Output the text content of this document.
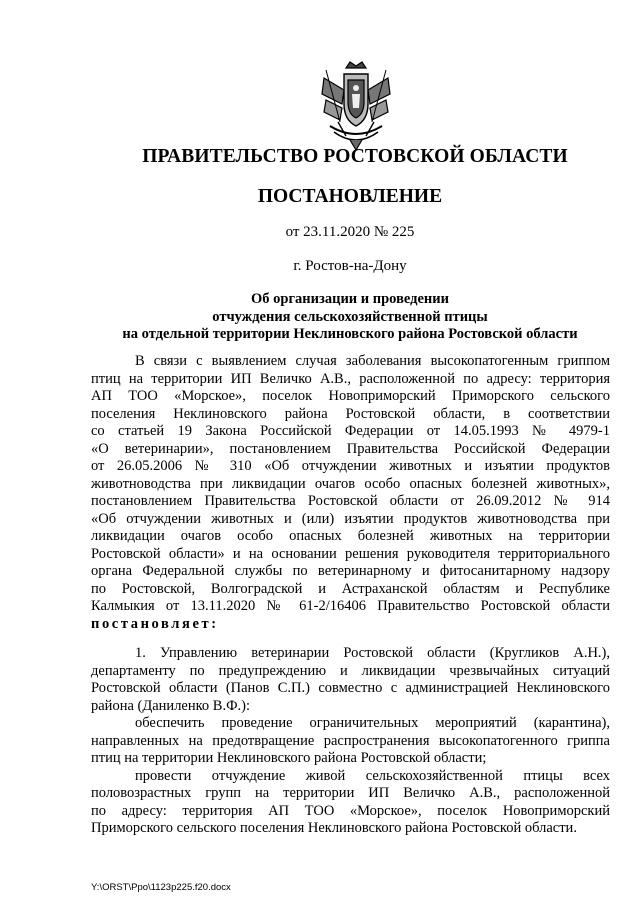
ПРАВИТЕЛЬСТВО РОСТОВСКОЙ ОБЛАСТИ
ПОСТАНОВЛЕНИЕ
от 23.11.2020 № 225
г. Ростов-на-Дону
Об организации и проведении
отчуждения сельскохозяйственной птицы
на отдельной территории Неклиновского района Ростовской области
В связи с выявлением случая заболевания высокопатогенным гриппом
птиц на территории ИП Величко А.В., расположенной по адресу: территория
АП ТОО «Морское», поселок Новоприморский Приморского сельского
поселения Неклиновского района Ростовской области, в соответствии
со статьей 19 Закона Российской Федерации от 14.05.1993 № 4979-1
«О ветеринарии», постановлением Правительства Российской Федерации
от 26.05.2006 № 310 «Об отчуждении животных и изъятии продуктов
животноводства при ликвидации очагов особо опасных болезней животных»,
постановлением Правительства Ростовской области от 26.09.2012 № 914
«Об отчуждении животных и (или) изъятии продуктов животноводства при
ликвидации очагов особо опасных болезней животных на территории
Ростовской области» и на основании решения руководителя территориального
органа Федеральной службы по ветеринарному и фитосанитарному надзору
по Ростовской, Волгоградской и Астраханской областям и Республике
Калмыкия от 13.11.2020 № 61-2/16406 Правительство Ростовской области
постановляет:
1. Управлению ветеринарии Ростовской области (Кругликов А.Н.),
департаменту по предупреждению и ликвидации чрезвычайных ситуаций
Ростовской области (Панов С.П.) совместно с администрацией Неклиновского
района (Даниленко В.Ф.):
обеспечить проведение ограничительных мероприятий (карантина),
направленных на предотвращение распространения высокопатогенного гриппа
птиц на территории Неклиновского района Ростовской области;
провести отчуждение живой сельскохозяйственной птицы всех
половозрастных групп на территории ИП Величко А.В., расположенной
по адресу: территория АП ТОО «Морское», поселок Новоприморский
Приморского сельского поселения Неклиновского района Ростовской области.
Y:\ORST\Ppo\1123p225.f20.docx
